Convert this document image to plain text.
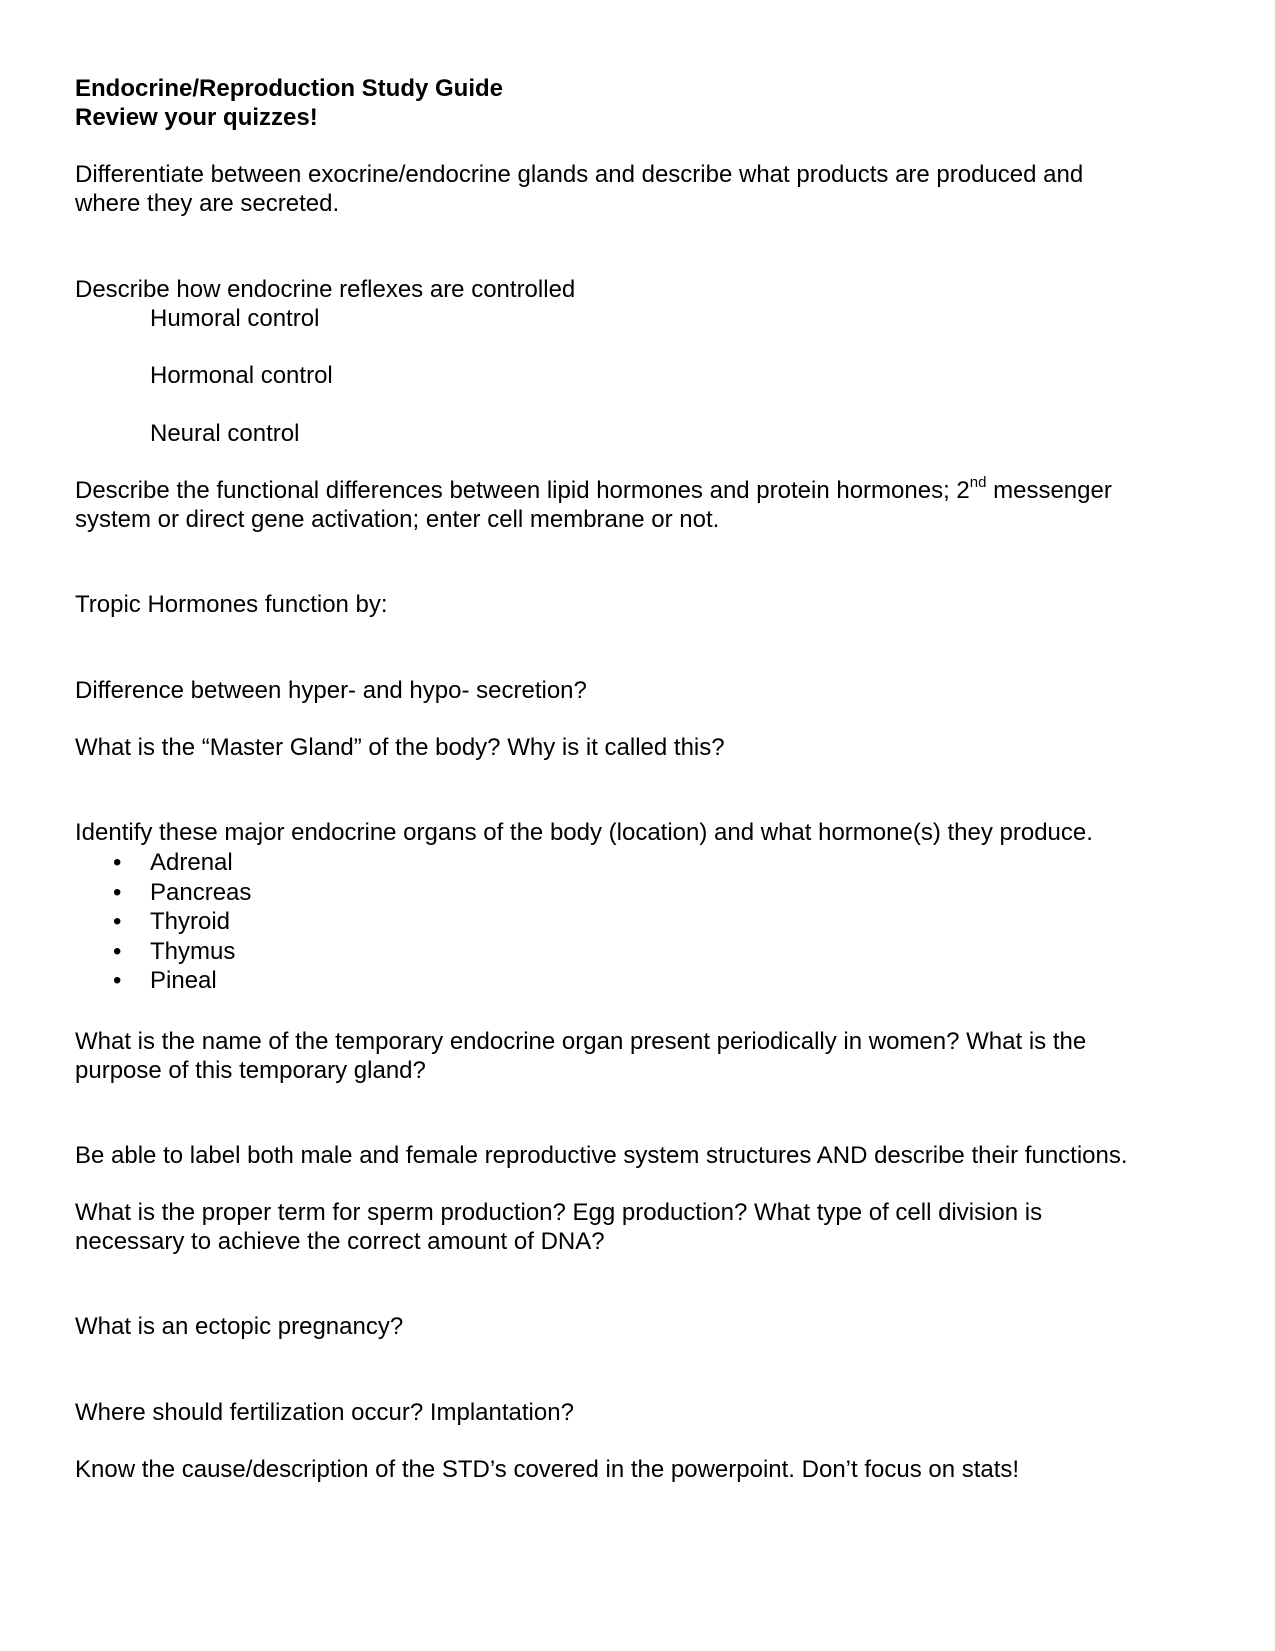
Endocrine/Reproduction Study Guide
Review your quizzes!
Differentiate between exocrine/endocrine glands and describe what products are produced and
where they are secreted.
Describe how endocrine reflexes are controlled
Humoral control
Hormonal control
Neural control
Describe the functional differences between lipid hormones and protein hormones; 2nd messenger
system or direct gene activation; enter cell membrane or not.
Tropic Hormones function by:
Difference between hyper- and hypo- secretion?
What is the “Master Gland” of the body? Why is it called this?
Identify these major endocrine organs of the body (location) and what hormone(s) they produce.
• Adrenal
• Pancreas
• Thyroid
• Thymus
• Pineal
What is the name of the temporary endocrine organ present periodically in women? What is the
purpose of this temporary gland?
Be able to label both male and female reproductive system structures AND describe their functions.
What is the proper term for sperm production? Egg production? What type of cell division is
necessary to achieve the correct amount of DNA?
What is an ectopic pregnancy?
Where should fertilization occur? Implantation?
Know the cause/description of the STD’s covered in the powerpoint. Don’t focus on stats!
